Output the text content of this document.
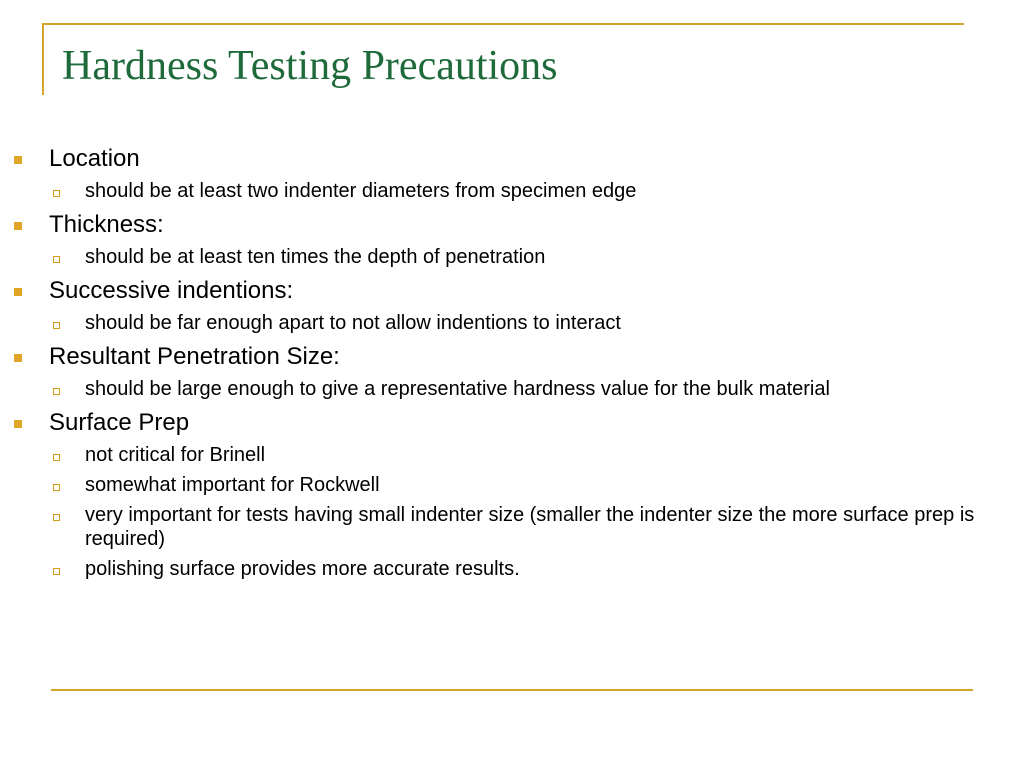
Hardness Testing Precautions
Location
should be at least two indenter diameters from specimen edge
Thickness:
should be at least ten times the depth of penetration
Successive indentions:
should be far enough apart to not allow indentions to interact
Resultant Penetration Size:
should be large enough to give a representative hardness value for the bulk material
Surface Prep
not critical for Brinell
somewhat important for Rockwell
very important for tests having small indenter size (smaller the indenter size the more surface prep is required)
polishing surface provides more accurate results.
